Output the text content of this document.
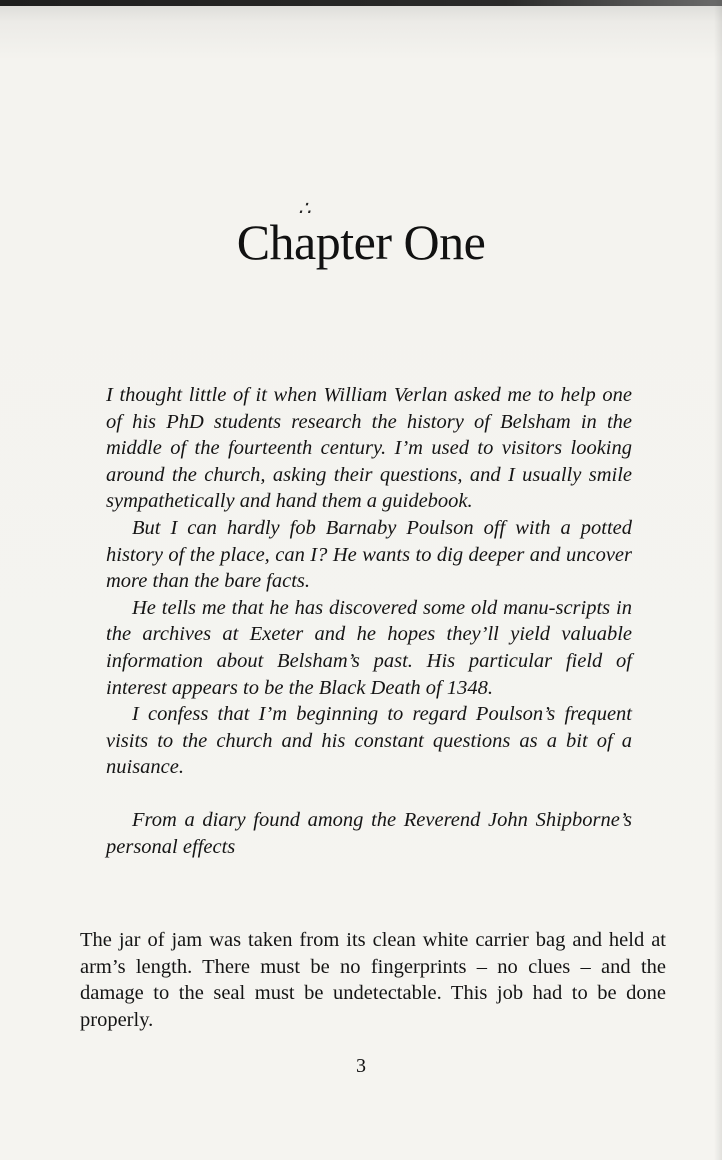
∴
Chapter One

I thought little of it when William Verlan asked me to help one of his PhD students research the history of Belsham in the middle of the fourteenth century. I’m used to visitors looking around the church, asking their questions, and I usually smile sympathetically and hand them a guidebook.

But I can hardly fob Barnaby Poulson off with a potted history of the place, can I? He wants to dig deeper and uncover more than the bare facts.

He tells me that he has discovered some old manu-scripts in the archives at Exeter and he hopes they’ll yield valuable information about Belsham’s past. His particular field of interest appears to be the Black Death of 1348.

I confess that I’m beginning to regard Poulson’s frequent visits to the church and his constant questions as a bit of a nuisance.

From a diary found among the Reverend John Shipborne’s personal effects

The jar of jam was taken from its clean white carrier bag and held at arm’s length. There must be no fingerprints – no clues – and the damage to the seal must be undetectable. This job had to be done properly.

3
